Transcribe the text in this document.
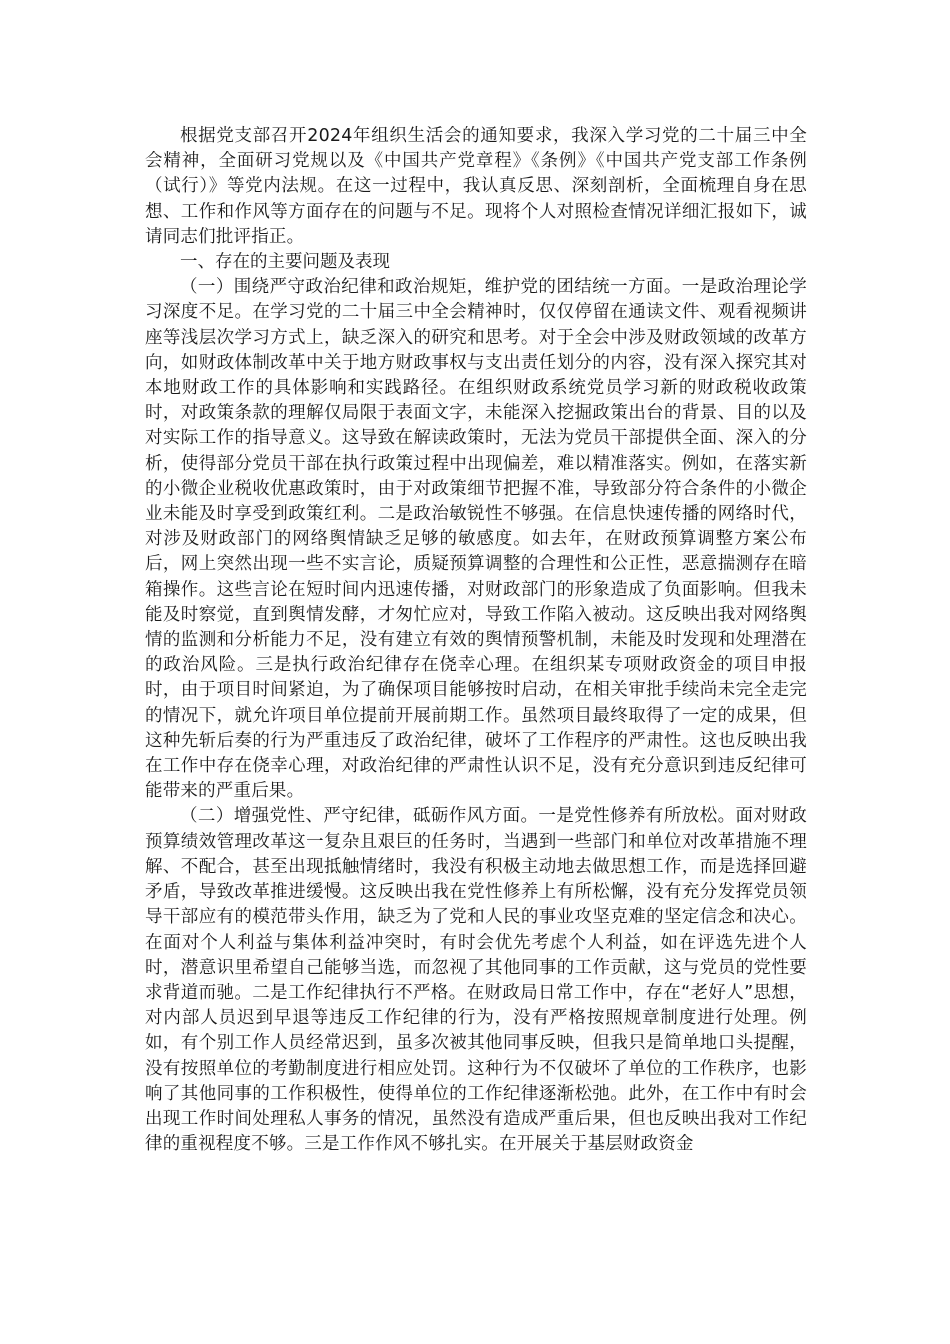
根据党支部召开2024年组织生活会的通知要求，我深入学习党的二十届三中全会精神，全面研习党规以及《中国共产党章程》《条例》《中国共产党支部工作条例（试行）》等党内法规。在这一过程中，我认真反思、深刻剖析，全面梳理自身在思想、工作和作风等方面存在的问题与不足。现将个人对照检查情况详细汇报如下，诚请同志们批评指正。

一、存在的主要问题及表现

（一）围绕严守政治纪律和政治规矩，维护党的团结统一方面。一是政治理论学习深度不足。在学习党的二十届三中全会精神时，仅仅停留在通读文件、观看视频讲座等浅层次学习方式上，缺乏深入的研究和思考。对于全会中涉及财政领域的改革方向，如财政体制改革中关于地方财政事权与支出责任划分的内容，没有深入探究其对本地财政工作的具体影响和实践路径。在组织财政系统党员学习新的财政税收政策时，对政策条款的理解仅局限于表面文字，未能深入挖掘政策出台的背景、目的以及对实际工作的指导意义。这导致在解读政策时，无法为党员干部提供全面、深入的分析，使得部分党员干部在执行政策过程中出现偏差，难以精准落实。例如，在落实新的小微企业税收优惠政策时，由于对政策细节把握不准，导致部分符合条件的小微企业未能及时享受到政策红利。二是政治敏锐性不够强。在信息快速传播的网络时代，对涉及财政部门的网络舆情缺乏足够的敏感度。如去年，在财政预算调整方案公布后，网上突然出现一些不实言论，质疑预算调整的合理性和公正性，恶意揣测存在暗箱操作。这些言论在短时间内迅速传播，对财政部门的形象造成了负面影响。但我未能及时察觉，直到舆情发酵，才匆忙应对，导致工作陷入被动。这反映出我对网络舆情的监测和分析能力不足，没有建立有效的舆情预警机制，未能及时发现和处理潜在的政治风险。三是执行政治纪律存在侥幸心理。在组织某专项财政资金的项目申报时，由于项目时间紧迫，为了确保项目能够按时启动，在相关审批手续尚未完全走完的情况下，就允许项目单位提前开展前期工作。虽然项目最终取得了一定的成果，但这种先斩后奏的行为严重违反了政治纪律，破坏了工作程序的严肃性。这也反映出我在工作中存在侥幸心理，对政治纪律的严肃性认识不足，没有充分意识到违反纪律可能带来的严重后果。

（二）增强党性、严守纪律，砥砺作风方面。一是党性修养有所放松。面对财政预算绩效管理改革这一复杂且艰巨的任务时，当遇到一些部门和单位对改革措施不理解、不配合，甚至出现抵触情绪时，我没有积极主动地去做思想工作，而是选择回避矛盾，导致改革推进缓慢。这反映出我在党性修养上有所松懈，没有充分发挥党员领导干部应有的模范带头作用，缺乏为了党和人民的事业攻坚克难的坚定信念和决心。在面对个人利益与集体利益冲突时，有时会优先考虑个人利益，如在评选先进个人时，潜意识里希望自己能够当选，而忽视了其他同事的工作贡献，这与党员的党性要求背道而驰。二是工作纪律执行不严格。在财政局日常工作中，存在“老好人”思想，对内部人员迟到早退等违反工作纪律的行为，没有严格按照规章制度进行处理。例如，有个别工作人员经常迟到，虽多次被其他同事反映，但我只是简单地口头提醒，没有按照单位的考勤制度进行相应处罚。这种行为不仅破坏了单位的工作秩序，也影响了其他同事的工作积极性，使得单位的工作纪律逐渐松弛。此外，在工作中有时会出现工作时间处理私人事务的情况，虽然没有造成严重后果，但也反映出我对工作纪律的重视程度不够。三是工作作风不够扎实。在开展关于基层财政资金
